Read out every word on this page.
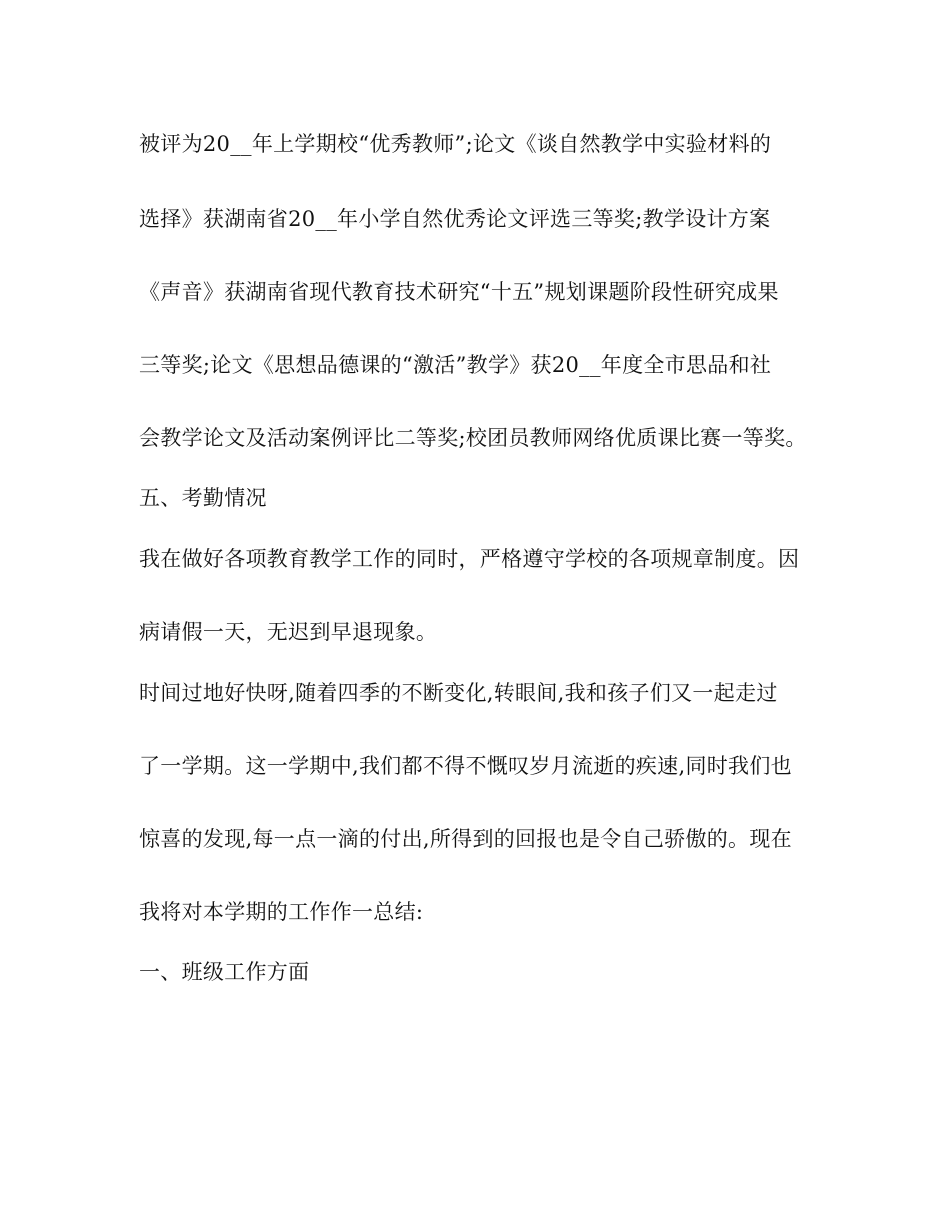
被评为20__年上学期校“优秀教师”;论文《谈自然教学中实验材料的

选择》获湖南省20__年小学自然优秀论文评选三等奖;教学设计方案

《声音》获湖南省现代教育技术研究“十五”规划课题阶段性研究成果

三等奖;论文《思想品德课的“激活”教学》获20__年度全市思品和社

会教学论文及活动案例评比二等奖;校团员教师网络优质课比赛一等奖。

五、考勤情况

我在做好各项教育教学工作的同时，严格遵守学校的各项规章制度。因

病请假一天，无迟到早退现象。

时间过地好快呀,随着四季的不断变化,转眼间,我和孩子们又一起走过

了一学期。这一学期中,我们都不得不慨叹岁月流逝的疾速,同时我们也

惊喜的发现,每一点一滴的付出,所得到的回报也是令自己骄傲的。现在

我将对本学期的工作作一总结:

一、班级工作方面
